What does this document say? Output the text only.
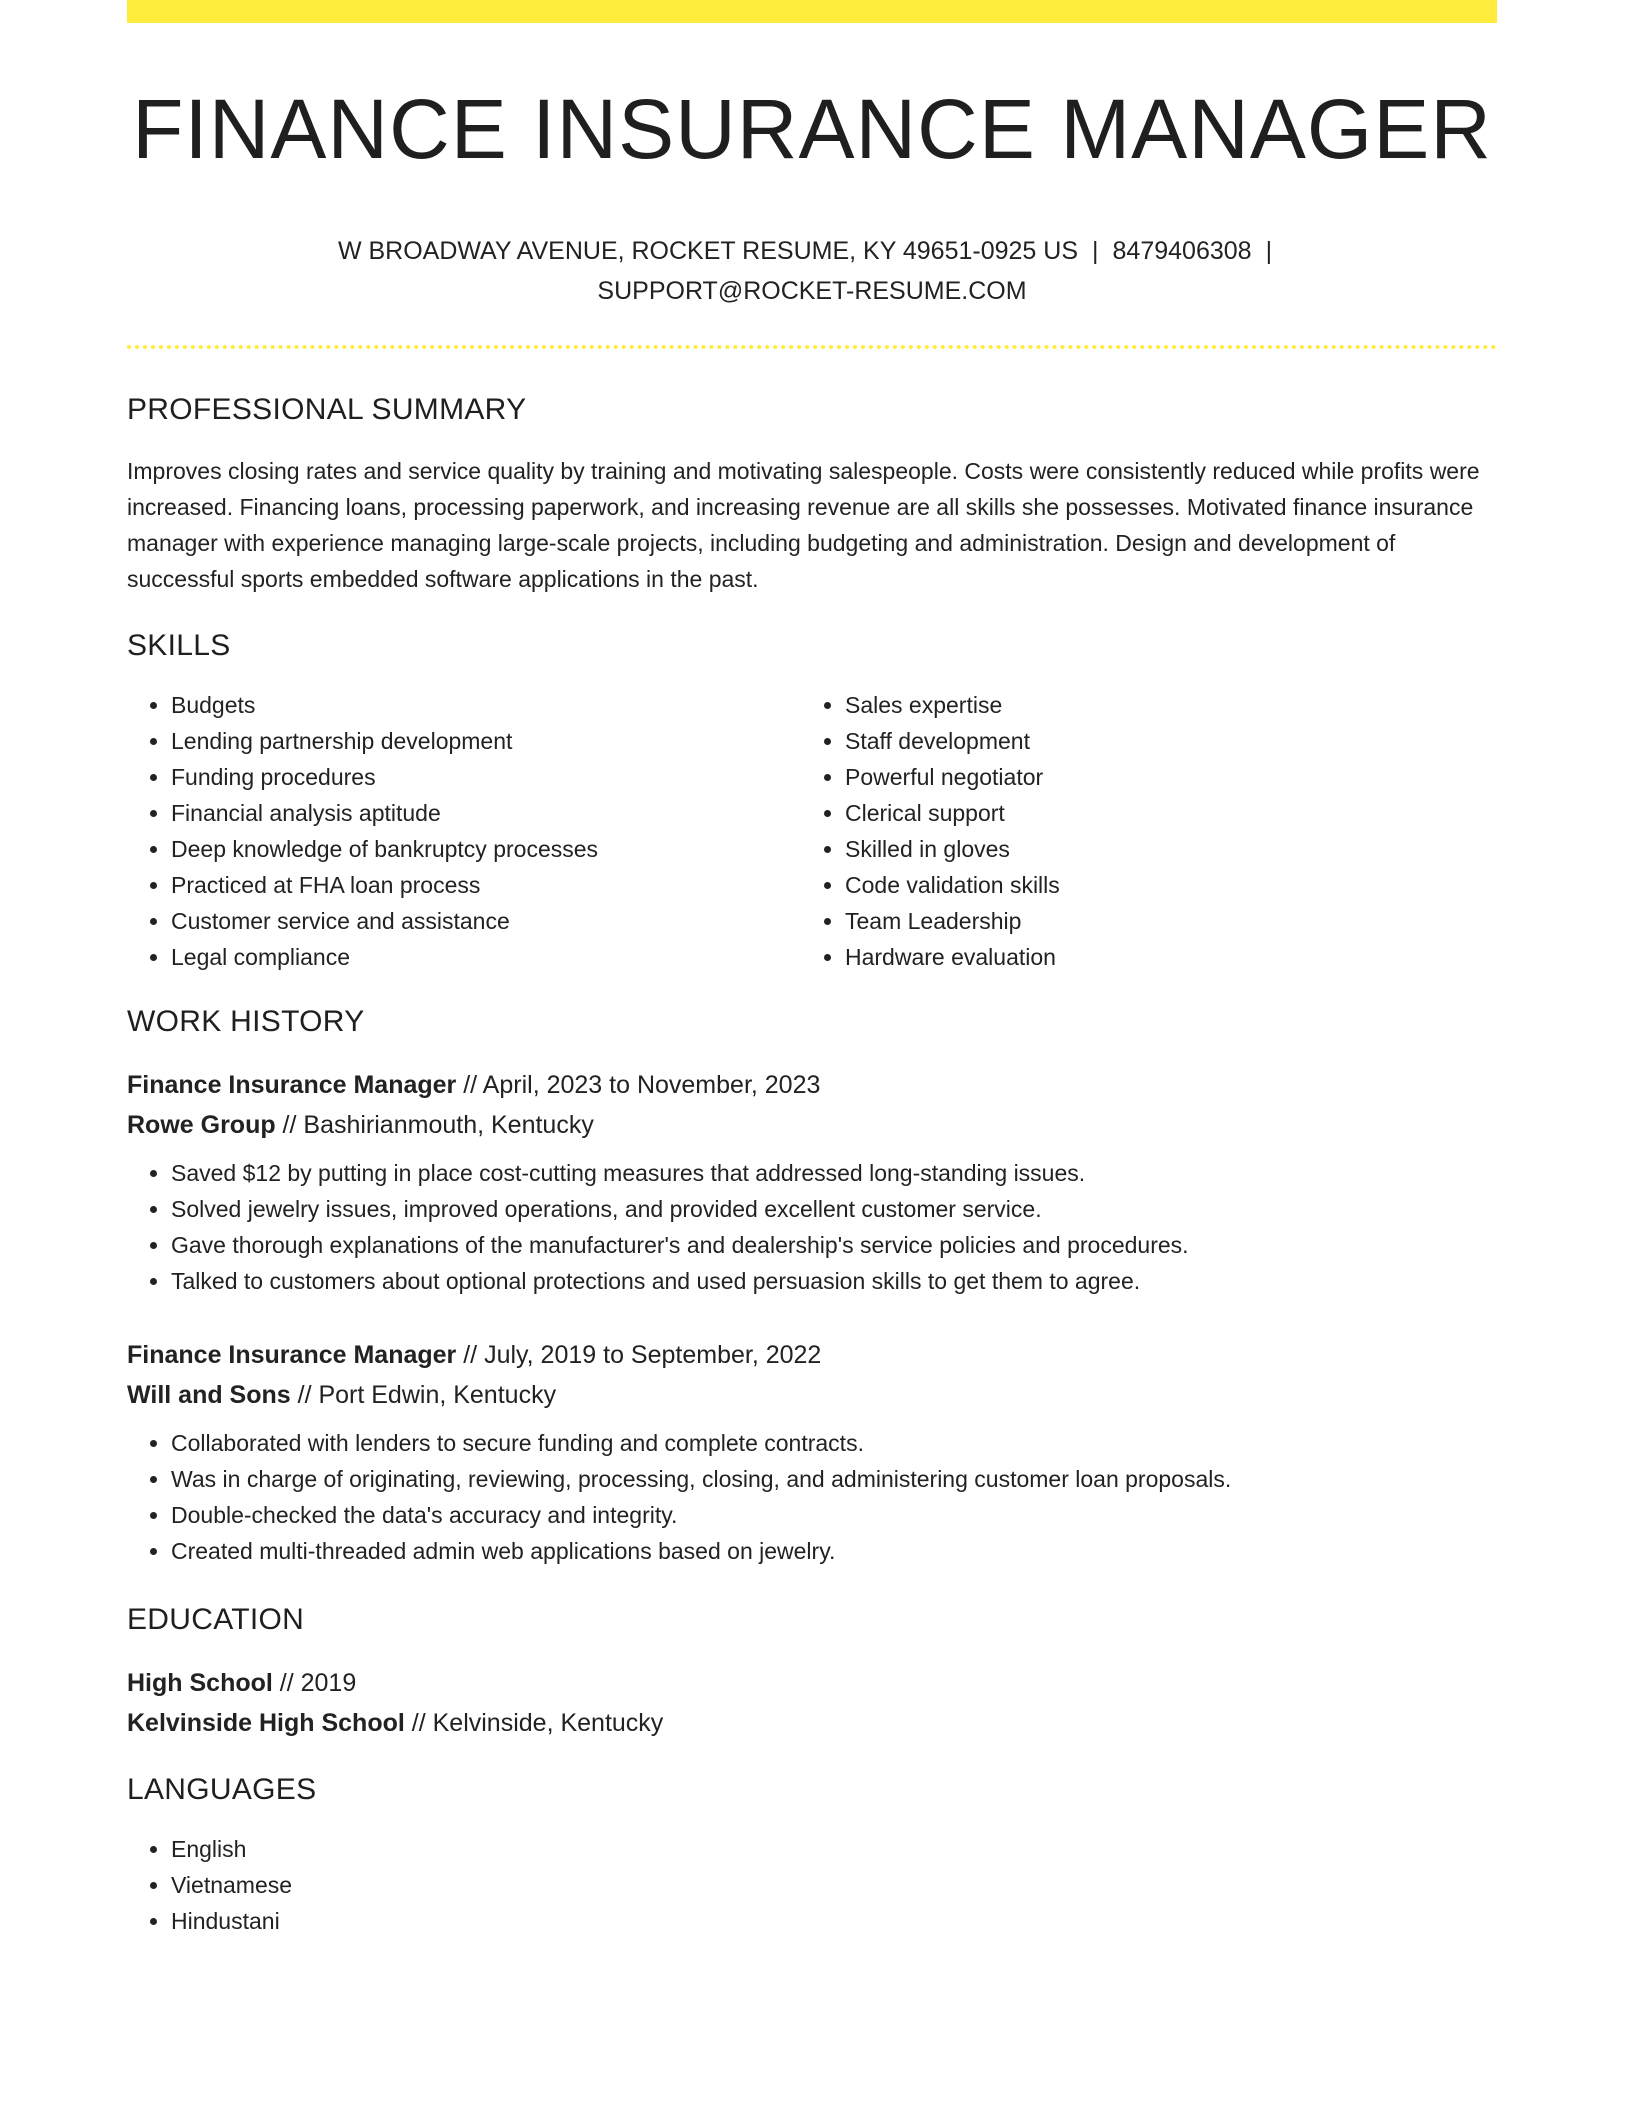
FINANCE INSURANCE MANAGER
W BROADWAY AVENUE, ROCKET RESUME, KY 49651-0925 US | 8479406308 |
SUPPORT@ROCKET-RESUME.COM
PROFESSIONAL SUMMARY
Improves closing rates and service quality by training and motivating salespeople. Costs were consistently reduced while profits were increased. Financing loans, processing paperwork, and increasing revenue are all skills she possesses. Motivated finance insurance manager with experience managing large-scale projects, including budgeting and administration. Design and development of successful sports embedded software applications in the past.
SKILLS
• Budgets
• Lending partnership development
• Funding procedures
• Financial analysis aptitude
• Deep knowledge of bankruptcy processes
• Practiced at FHA loan process
• Customer service and assistance
• Legal compliance
• Sales expertise
• Staff development
• Powerful negotiator
• Clerical support
• Skilled in gloves
• Code validation skills
• Team Leadership
• Hardware evaluation
WORK HISTORY
Finance Insurance Manager // April, 2023 to November, 2023
Rowe Group // Bashirianmouth, Kentucky
• Saved $12 by putting in place cost-cutting measures that addressed long-standing issues.
• Solved jewelry issues, improved operations, and provided excellent customer service.
• Gave thorough explanations of the manufacturer's and dealership's service policies and procedures.
• Talked to customers about optional protections and used persuasion skills to get them to agree.
Finance Insurance Manager // July, 2019 to September, 2022
Will and Sons // Port Edwin, Kentucky
• Collaborated with lenders to secure funding and complete contracts.
• Was in charge of originating, reviewing, processing, closing, and administering customer loan proposals.
• Double-checked the data's accuracy and integrity.
• Created multi-threaded admin web applications based on jewelry.
EDUCATION
High School // 2019
Kelvinside High School // Kelvinside, Kentucky
LANGUAGES
• English
• Vietnamese
• Hindustani
